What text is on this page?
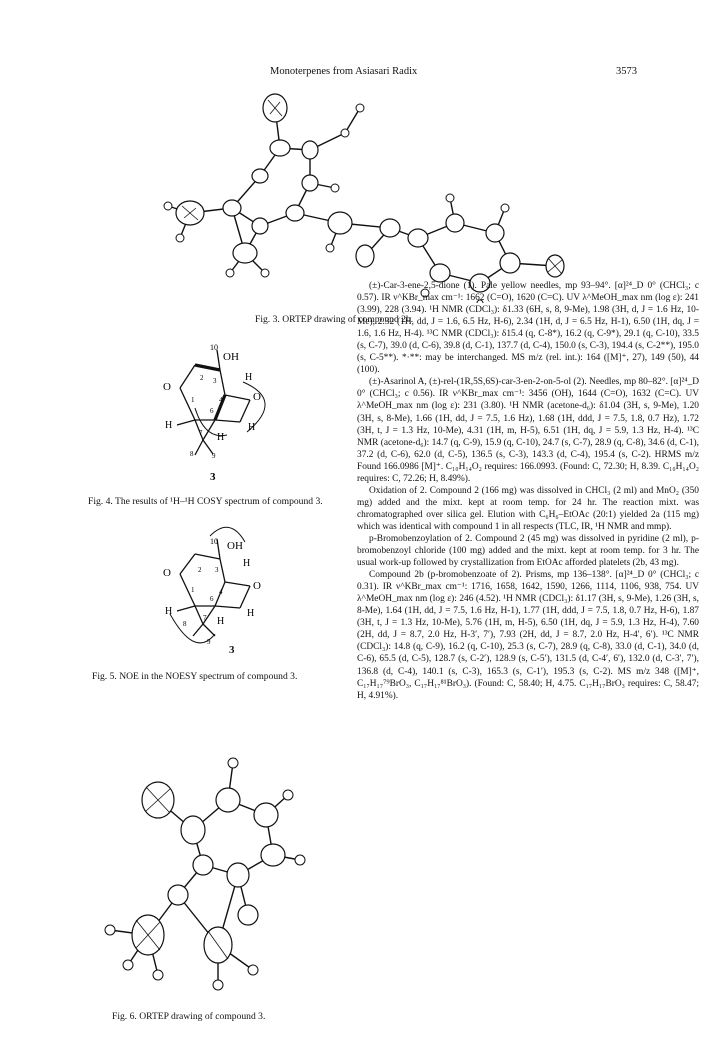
Monoterpenes from Asiasari Radix	3573
Fig. 3. ORTEP drawing of compound 2b.
10
OH
O
O
H
H	H
H
2 3
4
1
6
7
8	9
3
Fig. 4. The results of ¹H–¹H COSY spectrum of compound 3.
10 OH
O
O
H
H	H
H
2 3
4
1
6
7
8
9
3
Fig. 5. NOE in the NOESY spectrum of compound 3.
Fig. 6. ORTEP drawing of compound 3.

(±)-Car-3-ene-2,5-dione (1). Pale yellow needles, mp 93–94°. [α]²⁴_D 0° (CHCl₃; c 0.57). IR ν^KBr_max cm⁻¹: 1662 (C=O), 1620 (C=C). UV λ^MeOH_max nm (log ε): 241 (3.99), 228 (3.94). ¹H NMR (CDCl₃): δ1.33 (6H, s, 8, 9-Me), 1.98 (3H, d, J = 1.6 Hz, 10-Me), 2.32 (1H, dd, J = 1.6, 6.5 Hz, H-6), 2.34 (1H, d, J = 6.5 Hz, H-1), 6.50 (1H, dq, J = 1.6, 1.6 Hz, H-4). ¹³C NMR (CDCl₃): δ15.4 (q, C-8*), 16.2 (q, C-9*), 29.1 (q, C-10), 33.5 (s, C-7), 39.0 (d, C-6), 39.8 (d, C-1), 137.7 (d, C-4), 150.0 (s, C-3), 194.4 (s, C-2**), 195.0 (s, C-5**). *·**: may be interchanged. MS m/z (rel. int.): 164 ([M]⁺, 27), 149 (50), 44 (100).

(±)-Asarinol A, (±)-rel-(1R,5S,6S)-car-3-en-2-on-5-ol (2). Needles, mp 80–82°. [α]²⁴_D 0° (CHCl₃; c 0.56). IR ν^KBr_max cm⁻¹: 3456 (OH), 1644 (C=O), 1632 (C=C). UV λ^MeOH_max nm (log ε): 231 (3.80). ¹H NMR (acetone-d₆): δ1.04 (3H, s, 9-Me), 1.20 (3H, s, 8-Me), 1.66 (1H, dd, J = 7.5, 1.6 Hz), 1.68 (1H, ddd, J = 7.5, 1.8, 0.7 Hz), 1.72 (3H, t, J = 1.3 Hz, 10-Me), 4.31 (1H, m, H-5), 6.51 (1H, dq, J = 5.9, 1.3 Hz, H-4). ¹³C NMR (acetone-d₆): 14.7 (q, C-9), 15.9 (q, C-10), 24.7 (s, C-7), 28.9 (q, C-8), 34.6 (d, C-1), 37.2 (d, C-6), 62.0 (d, C-5), 136.5 (s, C-3), 143.3 (d, C-4), 195.4 (s, C-2). HRMS m/z Found 166.0986 [M]⁺. C₁₀H₁₄O₂ requires: 166.0993. (Found: C, 72.30; H, 8.39. C₁₀H₁₄O₂ requires: C, 72.26; H, 8.49%).

Oxidation of 2. Compound 2 (166 mg) was dissolved in CHCl₃ (2 ml) and MnO₂ (350 mg) added and the mixt. kept at room temp. for 24 hr. The reaction mixt. was chromatographed over silica gel. Elution with C₆H₆–EtOAc (20:1) yielded 2a (115 mg) which was identical with compound 1 in all respects (TLC, IR, ¹H NMR and mmp).

p-Bromobenzoylation of 2. Compound 2 (45 mg) was dissolved in pyridine (2 ml), p-bromobenzoyl chloride (100 mg) added and the mixt. kept at room temp. for 3 hr. The usual work-up followed by crystallization from EtOAc afforded platelets (2b, 43 mg).

Compound 2b (p-bromobenzoate of 2). Prisms, mp 136–138°. [α]²⁴_D 0° (CHCl₃; c 0.31). IR ν^KBr_max cm⁻¹: 1716, 1658, 1642, 1590, 1266, 1114, 1106, 938, 754. UV λ^MeOH_max nm (log ε): 246 (4.52). ¹H NMR (CDCl₃): δ1.17 (3H, s, 9-Me), 1.26 (3H, s, 8-Me), 1.64 (1H, dd, J = 7.5, 1.6 Hz, H-1), 1.77 (1H, ddd, J = 7.5, 1.8, 0.7 Hz, H-6), 1.87 (3H, t, J = 1.3 Hz, 10-Me), 5.76 (1H, m, H-5), 6.50 (1H, dq, J = 5.9, 1.3 Hz, H-4), 7.60 (2H, dd, J = 8.7, 2.0 Hz, H-3′, 7′), 7.93 (2H, dd, J = 8.7, 2.0 Hz, H-4′, 6′). ¹³C NMR (CDCl₃): 14.8 (q, C-9), 16.2 (q, C-10), 25.3 (s, C-7), 28.9 (q, C-8), 33.0 (d, C-1), 34.0 (d, C-6), 65.5 (d, C-5), 128.7 (s, C-2′), 128.9 (s, C-5′), 131.5 (d, C-4′, 6′), 132.0 (d, C-3′, 7′), 136.8 (d, C-4), 140.1 (s, C-3), 165.3 (s, C-1′), 195.3 (s, C-2). MS m/z 348 ([M]⁺, C₁₇H₁₇⁷⁹BrO₃, C₁₇H₁₇⁸¹BrO₃). (Found: C, 58.40; H, 4.75. C₁₇H₁₇BrO₃ requires: C, 58.47; H, 4.91%).
